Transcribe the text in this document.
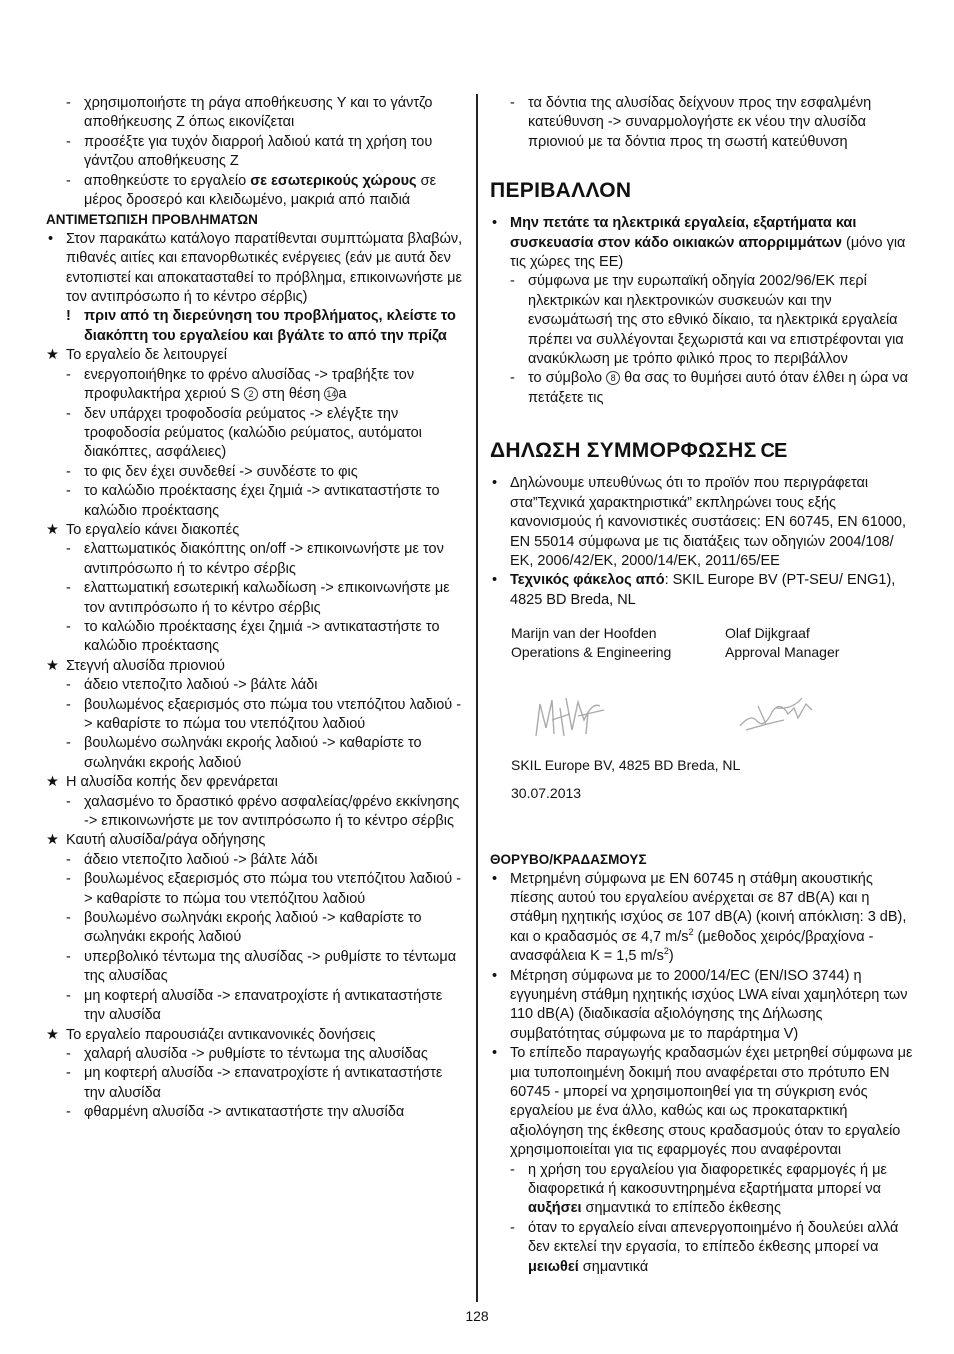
- χρησιμοποιήστε τη ράγα αποθήκευσης Y και το γάντζο αποθήκευσης Z όπως εικονίζεται
- προσέξτε για τυχόν διαρροή λαδιού κατά τη χρήση του γάντζου αποθήκευσης Z
- αποθηκεύστε το εργαλείο σε εσωτερικούς χώρους σε μέρος δροσερό και κλειδωμένο, μακριά από παιδιά
ΑΝΤΙΜΕΤΩΠΙΣΗ ΠΡΟΒΛΗΜΑΤΩΝ
• Στον παρακάτω κατάλογο παρατίθενται συμπτώματα βλαβών, πιθανές αιτίες και επανορθωτικές ενέργειες (εάν με αυτά δεν εντοπιστεί και αποκατασταθεί το πρόβλημα, επικοινωνήστε με τον αντιπρόσωπο ή το κέντρο σέρβις)
! πριν από τη διερεύνηση του προβλήματος, κλείστε το διακόπτη του εργαλείου και βγάλτε το από την πρίζα
★ Το εργαλείο δε λειτουργεί
- ενεργοποιήθηκε το φρένο αλυσίδας -> τραβήξτε τον προφυλακτήρα χεριού S 2 στη θέση 14 a
- δεν υπάρχει τροφοδοσία ρεύματος -> ελέγξτε την τροφοδοσία ρεύματος (καλώδιο ρεύματος, αυτόματοι διακόπτες, ασφάλειες)
- το φις δεν έχει συνδεθεί -> συνδέστε το φις
- το καλώδιο προέκτασης έχει ζημιά -> αντικαταστήστε το καλώδιο προέκτασης
★ Το εργαλείο κάνει διακοπές
- ελαττωματικός διακόπτης on/off -> επικοινωνήστε με τον αντιπρόσωπο ή το κέντρο σέρβις
- ελαττωματική εσωτερική καλωδίωση -> επικοινωνήστε με τον αντιπρόσωπο ή το κέντρο σέρβις
- το καλώδιο προέκτασης έχει ζημιά -> αντικαταστήστε το καλώδιο προέκτασης
★ Στεγνή αλυσίδα πριονιού
- άδειο ντεποζιτο λαδιού -> βάλτε λάδι
- βουλωμένος εξαερισμός στο πώμα του ντεπόζιτου λαδιού -> καθαρίστε το πώμα του ντεπόζιτου λαδιού
- βουλωμένο σωληνάκι εκροής λαδιού -> καθαρίστε το σωληνάκι εκροής λαδιού
★ Η αλυσίδα κοπής δεν φρενάρεται
- χαλασμένο το δραστικό φρένο ασφαλείας/φρένο εκκίνησης -> επικοινωνήστε με τον αντιπρόσωπο ή το κέντρο σέρβις
★ Καυτή αλυσίδα/ράγα οδήγησης
- άδειο ντεποζιτο λαδιού -> βάλτε λάδι
- βουλωμένος εξαερισμός στο πώμα του ντεπόζιτου λαδιού -> καθαρίστε το πώμα του ντεπόζιτου λαδιού
- βουλωμένο σωληνάκι εκροής λαδιού -> καθαρίστε το σωληνάκι εκροής λαδιού
- υπερβολικό τέντωμα της αλυσίδας -> ρυθμίστε το τέντωμα της αλυσίδας
- μη κοφτερή αλυσίδα -> επανατροχίστε ή αντικαταστήστε την αλυσίδα
★ Το εργαλείο παρουσιάζει αντικανονικές δονήσεις
- χαλαρή αλυσίδα -> ρυθμίστε το τέντωμα της αλυσίδας
- μη κοφτερή αλυσίδα -> επανατροχίστε ή αντικαταστήστε την αλυσίδα
- φθαρμένη αλυσίδα -> αντικαταστήστε την αλυσίδα
- τα δόντια της αλυσίδας δείχνουν προς την εσφαλμένη κατεύθυνση -> συναρμολογήστε εκ νέου την αλυσίδα πριονιού με τα δόντια προς τη σωστή κατεύθυνση
ΠΕΡΙΒΑΛΛΟΝ
• Μην πετάτε τα ηλεκτρικά εργαλεία, εξαρτήματα και συσκευασία στον κάδο οικιακών απορριμμάτων (μόνο για τις χώρες της ΕΕ)
- σύμφωνα με την ευρωπαϊκή οδηγία 2002/96/ΕΚ περί ηλεκτρικών και ηλεκτρονικών συσκευών και την ενσωμάτωσή της στο εθνικό δίκαιο, τα ηλεκτρικά εργαλεία πρέπει να συλλέγονται ξεχωριστά και να επιστρέφονται για ανακύκλωση με τρόπο φιλικό προς το περιβάλλον
- το σύμβολο 8 θα σας το θυμήσει αυτό όταν έλθει η ώρα να πετάξετε τις
ΔΗΛΩΣΗ ΣΥΜΜΟΡΦΩΣΗΣ CE
• Δηλώνουμε υπευθύνως ότι το προϊόν που περιγράφεται στα”Τεχνικά χαρακτηριστικά” εκπληρώνει τους εξής κανονισμούς ή κανονιστικές συστάσεις: EN 60745, EN 61000, EN 55014 σύμφωνα με τις διατάξεις των οδηγιών 2004/108/ΕΚ, 2006/42/ΕΚ, 2000/14/ΕΚ, 2011/65/ΕΕ
• Τεχνικός φάκελος από: SKIL Europe BV (PT-SEU/ ENG1), 4825 BD Breda, NL
Marijn van der Hoofden
Operations & Engineering
Olaf Dijkgraaf
Approval Manager
SKIL Europe BV, 4825 BD Breda, NL
30.07.2013
ΘΟΡΥΒΟ/ΚΡΑΔΑΣΜΟΥΣ
• Μετρημένη σύμφωνα με EN 60745 η στάθμη ακουστικής πίεσης αυτού του εργαλείου ανέρχεται σε 87 dB(A) και η στάθμη ηχητικής ισχύος σε 107 dB(A) (κοινή απόκλιση: 3 dB), και ο κραδασμός σε 4,7 $m/s^2$ (μεθοδος χειρός/βραχίονα - ανασφάλεια K = 1,5 $m/s^2$)
• Μέτρηση σύμφωνα με το 2000/14/EC (EN/ISO 3744) η εγγυημένη στάθμη ηχητικής ισχύος LWA είναι χαμηλότερη των 110 dB(A) (διαδικασία αξιολόγησης της Δήλωσης συμβατότητας σύμφωνα με το παράρτημα V)
• Το επίπεδο παραγωγής κραδασμών έχει μετρηθεί σύμφωνα με μια τυποποιημένη δοκιμή που αναφέρεται στο πρότυπο EN 60745 - μπορεί να χρησιμοποιηθεί για τη σύγκριση ενός εργαλείου με ένα άλλο, καθώς και ως προκαταρκτική αξιολόγηση της έκθεσης στους κραδασμούς όταν το εργαλείο χρησιμοποιείται για τις εφαρμογές που αναφέρονται
- η χρήση του εργαλείου για διαφορετικές εφαρμογές ή με διαφορετικά ή κακοσυντηρημένα εξαρτήματα μπορεί να αυξήσει σημαντικά το επίπεδο έκθεσης
- όταν το εργαλείο είναι απενεργοποιημένο ή δουλεύει αλλά δεν εκτελεί την εργασία, το επίπεδο έκθεσης μπορεί να μειωθεί σημαντικά
128
